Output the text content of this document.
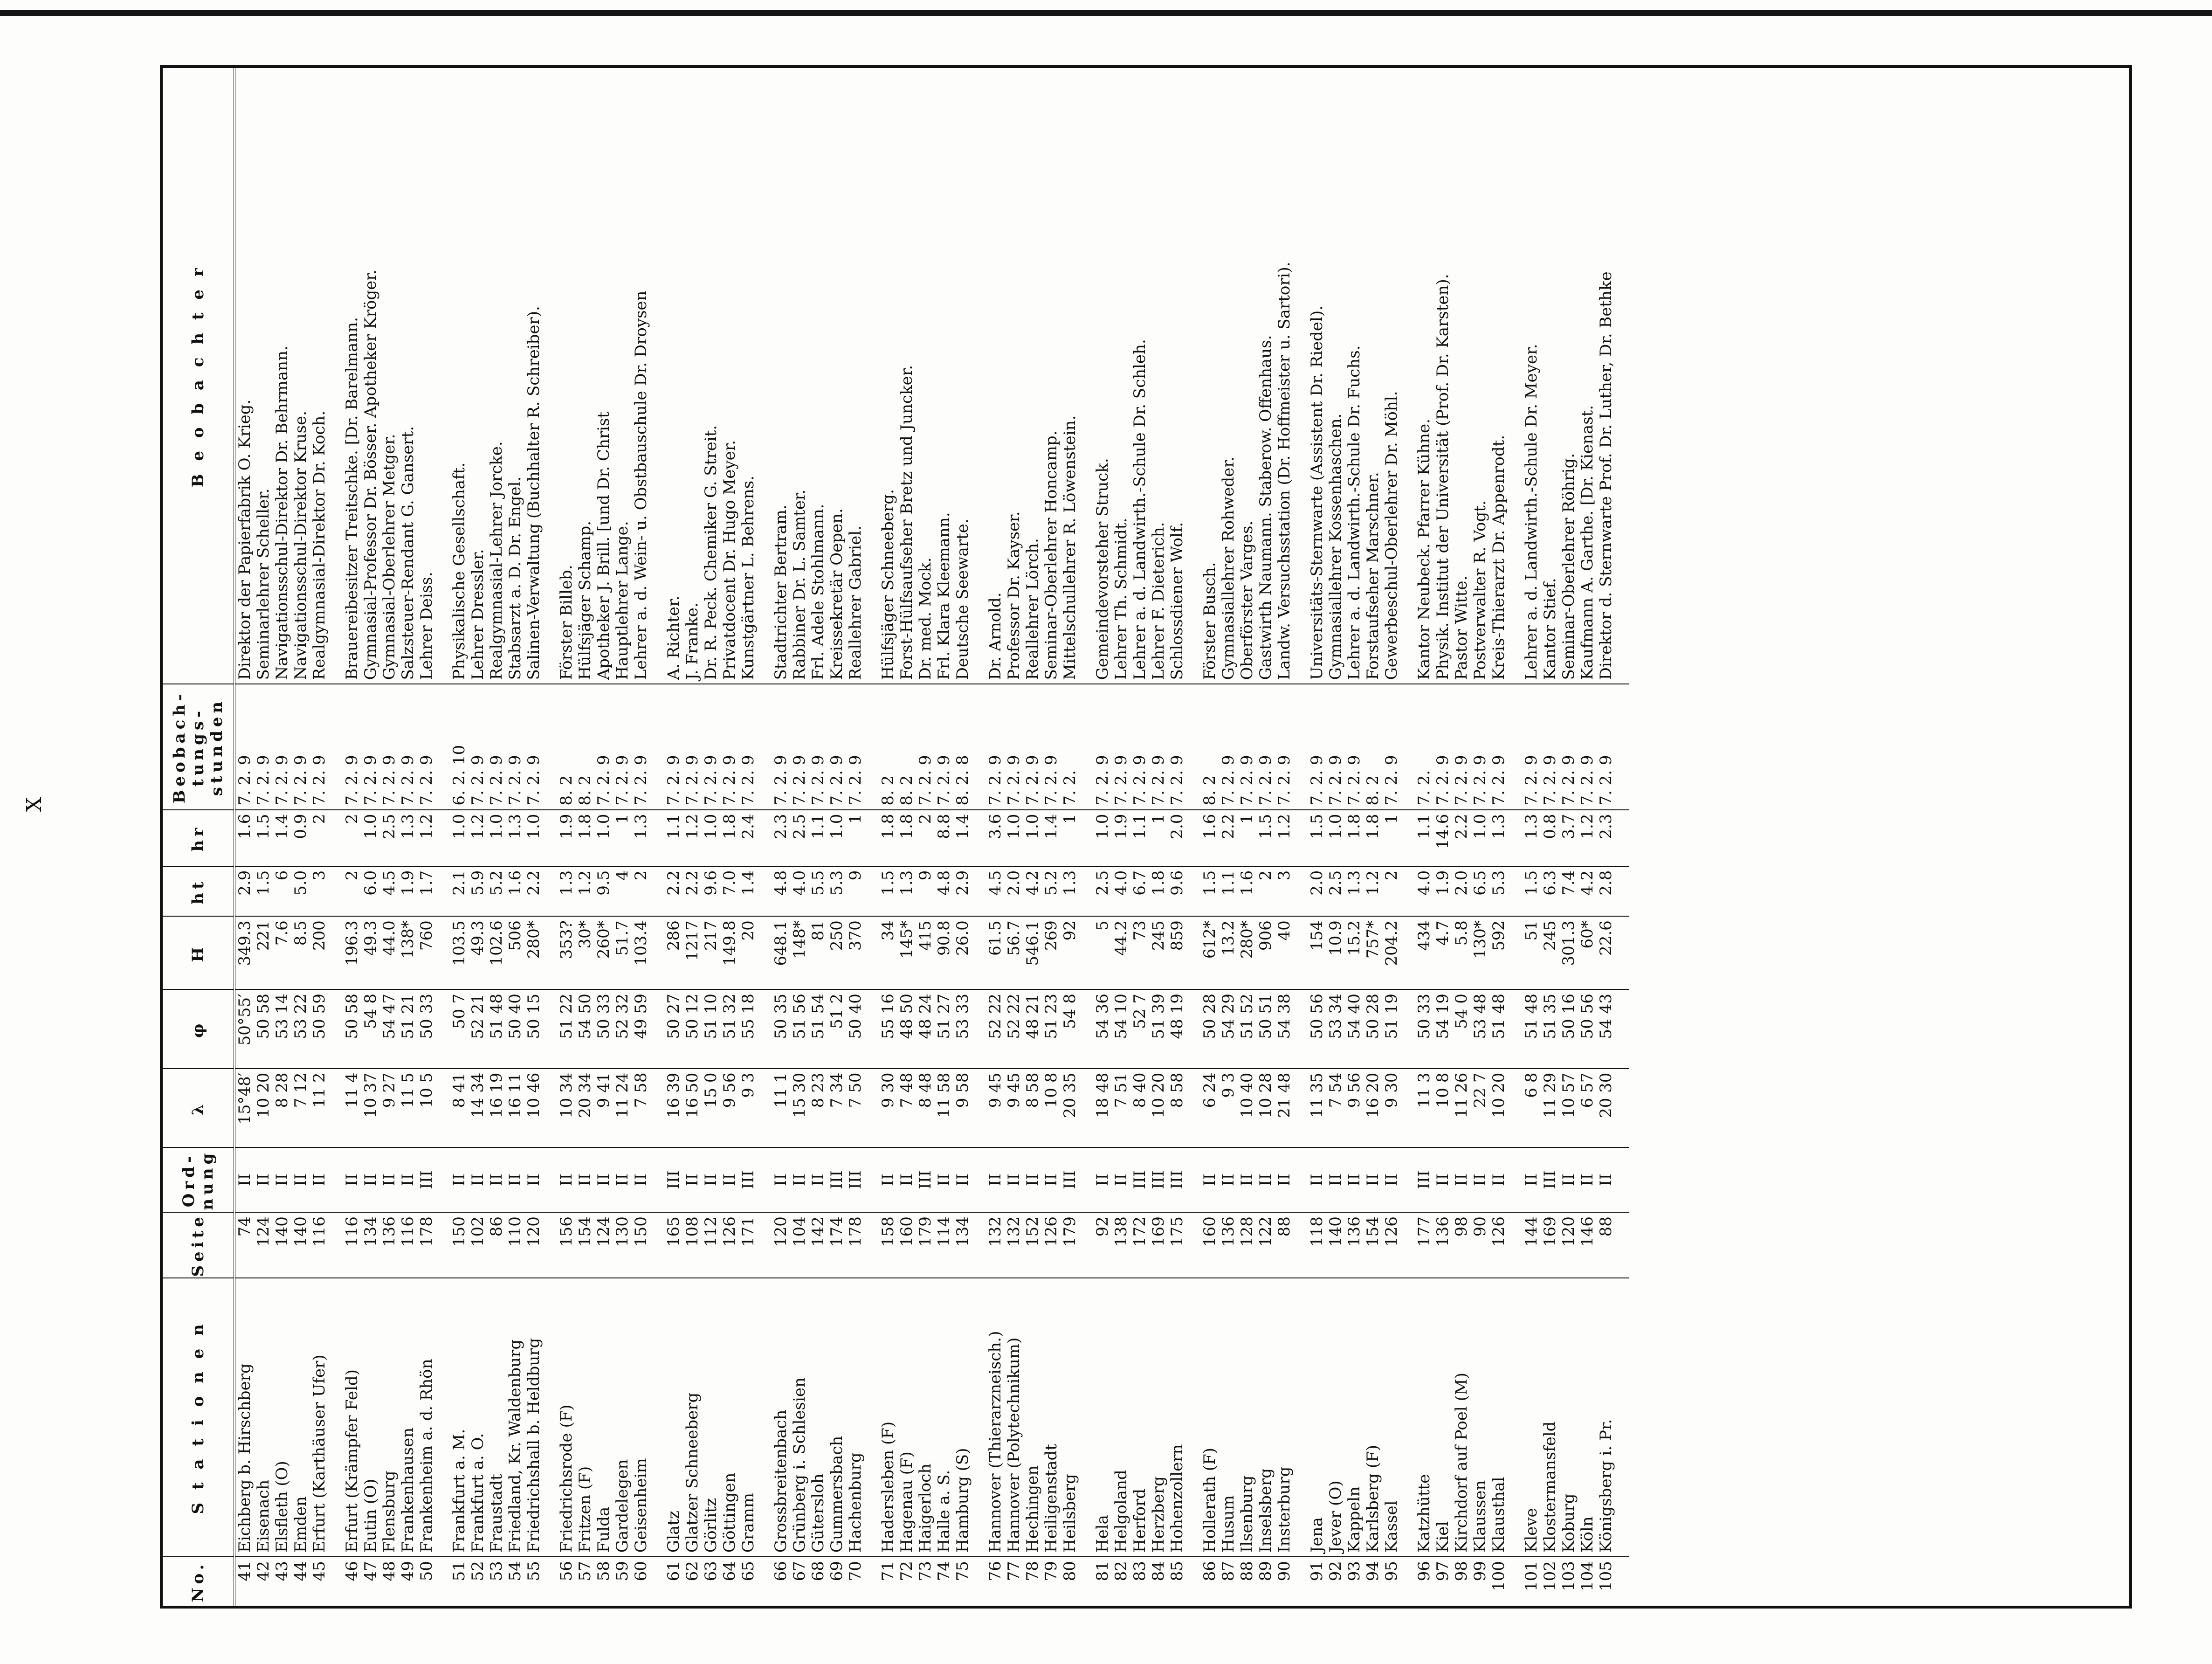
X
No.	S t a t i o n e n	Seite	Ord-nung	λ	φ	H	ht	hr	Beobach-tungs-stunden	B e o b a c h t e r
41	Eichberg b. Hirschberg	74	II	15°48′	50°55′	349.3	2.9	1.6	7. 2. 9	Direktor der Papierfabrik O. Krieg.
42	Eisenach	124	II	10 20	50 58	221	1.5	1.5	7. 2. 9	Seminarlehrer Scheller.
43	Elsfleth (O)	140	II	8 28	53 14	7.6	6	1.4	7. 2. 9	Navigationsschul-Direktor Dr. Behrmann.
44	Emden	140	II	7 12	53 22	8.5	5.0	0.9	7. 2. 9	Navigationsschul-Direktor Kruse.
45	Erfurt (Karthäuser Ufer)	116	II	11 2	50 59	200	3	2	7. 2. 9	Realgymnasial-Direktor Dr. Koch.

46	Erfurt (Krämpfer Feld)	116	II	11 4	50 58	196.3	2	2	7. 2. 9	Brauereibesitzer Treitschke. [Dr. Barelmann.
47	Eutin (O)	134	II	10 37	54 8	49.3	6.0	1.0	7. 2. 9	Gymnasial-Professor Dr. Bösser. Apotheker Kröger.
48	Flensburg	136	II	9 27	54 47	44.0	4.5	2.5	7. 2. 9	Gymnasial-Oberlehrer Metger.
49	Frankenhausen	116	II	11 5	51 21	138*	1.9	1.3	7. 2. 9	Salzsteuer-Rendant G. Gansert.
50	Frankenheim a. d. Rhön	178	III	10 5	50 33	760	1.7	1.2	7. 2. 9	Lehrer Deiss.

51	Frankfurt a. M.	150	II	8 41	50 7	103.5	2.1	1.0	6. 2. 10	Physikalische Gesellschaft.
52	Frankfurt a. O.	102	II	14 34	52 21	49.3	5.9	1.2	7. 2. 9	Lehrer Dressler.
53	Fraustadt	86	II	16 19	51 48	102.6	5.2	1.0	7. 2. 9	Realgymnasial-Lehrer Jorcke.
54	Friedland, Kr. Waldenburg	110	II	16 11	50 40	506	1.6	1.3	7. 2. 9	Stabsarzt a. D. Dr. Engel.
55	Friedrichshall b. Heldburg	120	II	10 46	50 15	280*	2.2	1.0	7. 2. 9	Salinen-Verwaltung (Buchhalter R. Schreiber).

56	Friedrichsrode (F)	156	II	10 34	51 22	353?	1.3	1.9	8. 2	Förster Billeb.
57	Fritzen (F)	154	II	20 34	54 50	30*	1.2	1.8	8. 2	Hülfsjäger Schamp.
58	Fulda	124	II	9 41	50 33	260*	9.5	1.0	7. 2. 9	Apotheker J. Brill. [und Dr. Christ
59	Gardelegen	130	II	11 24	52 32	51.7	4	1	7. 2. 9	Hauptlehrer Lange.
60	Geisenheim	150	II	7 58	49 59	103.4	2	1.3	7. 2. 9	Lehrer a. d. Wein- u. Obstbauschule Dr. Droysen

61	Glatz	165	III	16 39	50 27	286	2.2	1.1	7. 2. 9	A. Richter.
62	Glatzer Schneeberg	108	II	16 50	50 12	1217	2.2	1.2	7. 2. 9	J. Franke.
63	Görlitz	112	II	15 0	51 10	217	9.6	1.0	7. 2. 9	Dr. R. Peck. Chemiker G. Streit.
64	Göttingen	126	II	9 56	51 32	149.8	7.0	1.8	7. 2. 9	Privatdocent Dr. Hugo Meyer.
65	Gramm	171	III	9 3	55 18	20	1.4	2.4	7. 2. 9	Kunstgärtner L. Behrens.

66	Grossbreitenbach	120	II	11 1	50 35	648.1	4.8	2.3	7. 2. 9	Stadtrichter Bertram.
67	Grünberg i. Schlesien	104	II	15 30	51 56	148*	4.0	2.5	7. 2. 9	Rabbiner Dr. L. Samter.
68	Gütersloh	142	II	8 23	51 54	81	5.5	1.1	7. 2. 9	Frl. Adele Stohlmann.
69	Gummersbach	174	III	7 34	51 2	250	5.3	1.0	7. 2. 9	Kreissekretär Oepen.
70	Hachenburg	178	III	7 50	50 40	370	9	1	7. 2. 9	Reallehrer Gabriel.

71	Hadersleben (F)	158	II	9 30	55 16	34	1.5	1.8	8. 2	Hülfsjäger Schneeberg.
72	Hagenau (F)	160	II	7 48	48 50	145*	1.3	1.8	8. 2	Forst-Hülfsaufseher Bretz und Juncker.
73	Haigerloch	179	III	8 48	48 24	415	9	2	7. 2. 9	Dr. med. Mock.
74	Halle a. S.	114	II	11 58	51 27	90.8	4.8	8.8	7. 2. 9	Frl. Klara Kleemann.
75	Hamburg (S)	134	II	9 58	53 33	26.0	2.9	1.4	8. 2. 8	Deutsche Seewarte.

76	Hannover (Thierarzneisch.)	132	II	9 45	52 22	61.5	4.5	3.6	7. 2. 9	Dr. Arnold.
77	Hannover (Polytechnikum)	132	II	9 45	52 22	56.7	2.0	1.0	7. 2. 9	Professor Dr. Kayser.
78	Hechingen	152	II	8 58	48 21	546.1	4.2	1.0	7. 2. 9	Reallehrer Lörch.
79	Heiligenstadt	126	II	10 8	51 23	269	5.2	1.4	7. 2. 9	Seminar-Oberlehrer Honcamp.
80	Heilsberg	179	III	20 35	54 8	92	1.3	1	7. 2.	Mittelschullehrer R. Löwenstein.

81	Hela	92	II	18 48	54 36	5	2.5	1.0	7. 2. 9	Gemeindevorsteher Struck.
82	Helgoland	138	II	7 51	54 10	44.2	4.0	1.9	7. 2. 9	Lehrer Th. Schmidt.
83	Herford	172	III	8 40	52 7	73	6.7	1.1	7. 2. 9	Lehrer a. d. Landwirth.-Schule Dr. Schleh.
84	Herzberg	169	III	10 20	51 39	245	1.8	1	7. 2. 9	Lehrer F. Dieterich.
85	Hohenzollern	175	III	8 58	48 19	859	9.6	2.0	7. 2. 9	Schlossdiener Wolf.

86	Hollerath (F)	160	II	6 24	50 28	612*	1.5	1.6	8. 2	Förster Busch.
87	Husum	136	II	9 3	54 29	13.2	1.1	2.2	7. 2. 9	Gymnasiallehrer Rohweder.
88	Ilsenburg	128	II	10 40	51 52	280*	1.6	1	7. 2. 9	Oberförster Varges.
89	Inselsberg	122	II	10 28	50 51	906	2	1.5	7. 2. 9	Gastwirth Naumann. Staberow. Offenhaus.
90	Insterburg	88	II	21 48	54 38	40	3	1.2	7. 2. 9	Landw. Versuchsstation (Dr. Hoffmeister u. Sartori).

91	Jena	118	II	11 35	50 56	154	2.0	1.5	7. 2. 9	Universitäts-Sternwarte (Assistent Dr. Riedel).
92	Jever (O)	140	II	7 54	53 34	10.9	2.5	1.0	7. 2. 9	Gymnasiallehrer Kossenhaschen.
93	Kappeln	136	II	9 56	54 40	15.2	1.3	1.8	7. 2. 9	Lehrer a. d. Landwirth.-Schule Dr. Fuchs.
94	Karlsberg (F)	154	II	16 20	50 28	757*	1.2	1.8	8. 2	Forstaufseher Marschner.
95	Kassel	126	II	9 30	51 19	204.2	2	1	7. 2. 9	Gewerbeschul-Oberlehrer Dr. Möhl.

96	Katzhütte	177	III	11 3	50 33	434	4.0	1.1	7. 2.	Kantor Neubeck. Pfarrer Kühne.
97	Kiel	136	II	10 8	54 19	4.7	1.9	14.6	7. 2. 9	Physik. Institut der Universität (Prof. Dr. Karsten).
98	Kirchdorf auf Poel (M)	98	II	11 26	54 0	5.8	2.0	2.2	7. 2. 9	Pastor Witte.
99	Klaussen	90	II	22 7	53 48	130*	6.5	1.0	7. 2. 9	Postverwalter R. Vogt.
100	Klausthal	126	II	10 20	51 48	592	5.3	1.3	7. 2. 9	Kreis-Thierarzt Dr. Appenrodt.

101	Kleve	144	II	6 8	51 48	51	1.5	1.3	7. 2. 9	Lehrer a. d. Landwirth.-Schule Dr. Meyer.
102	Klostermansfeld	169	III	11 29	51 35	245	6.3	0.8	7. 2. 9	Kantor Stief.
103	Koburg	120	II	10 57	50 16	301.3	7.4	3.7	7. 2. 9	Seminar-Oberlehrer Röhrig.
104	Köln	146	II	6 57	50 56	60*	4.2	1.2	7. 2. 9	Kaufmann A. Garthe. [Dr. Kienast.
105	Königsberg i. Pr.	88	II	20 30	54 43	22.6	2.8	2.3	7. 2. 9	Direktor d. Sternwarte Prof. Dr. Luther, Dr. Bethke
